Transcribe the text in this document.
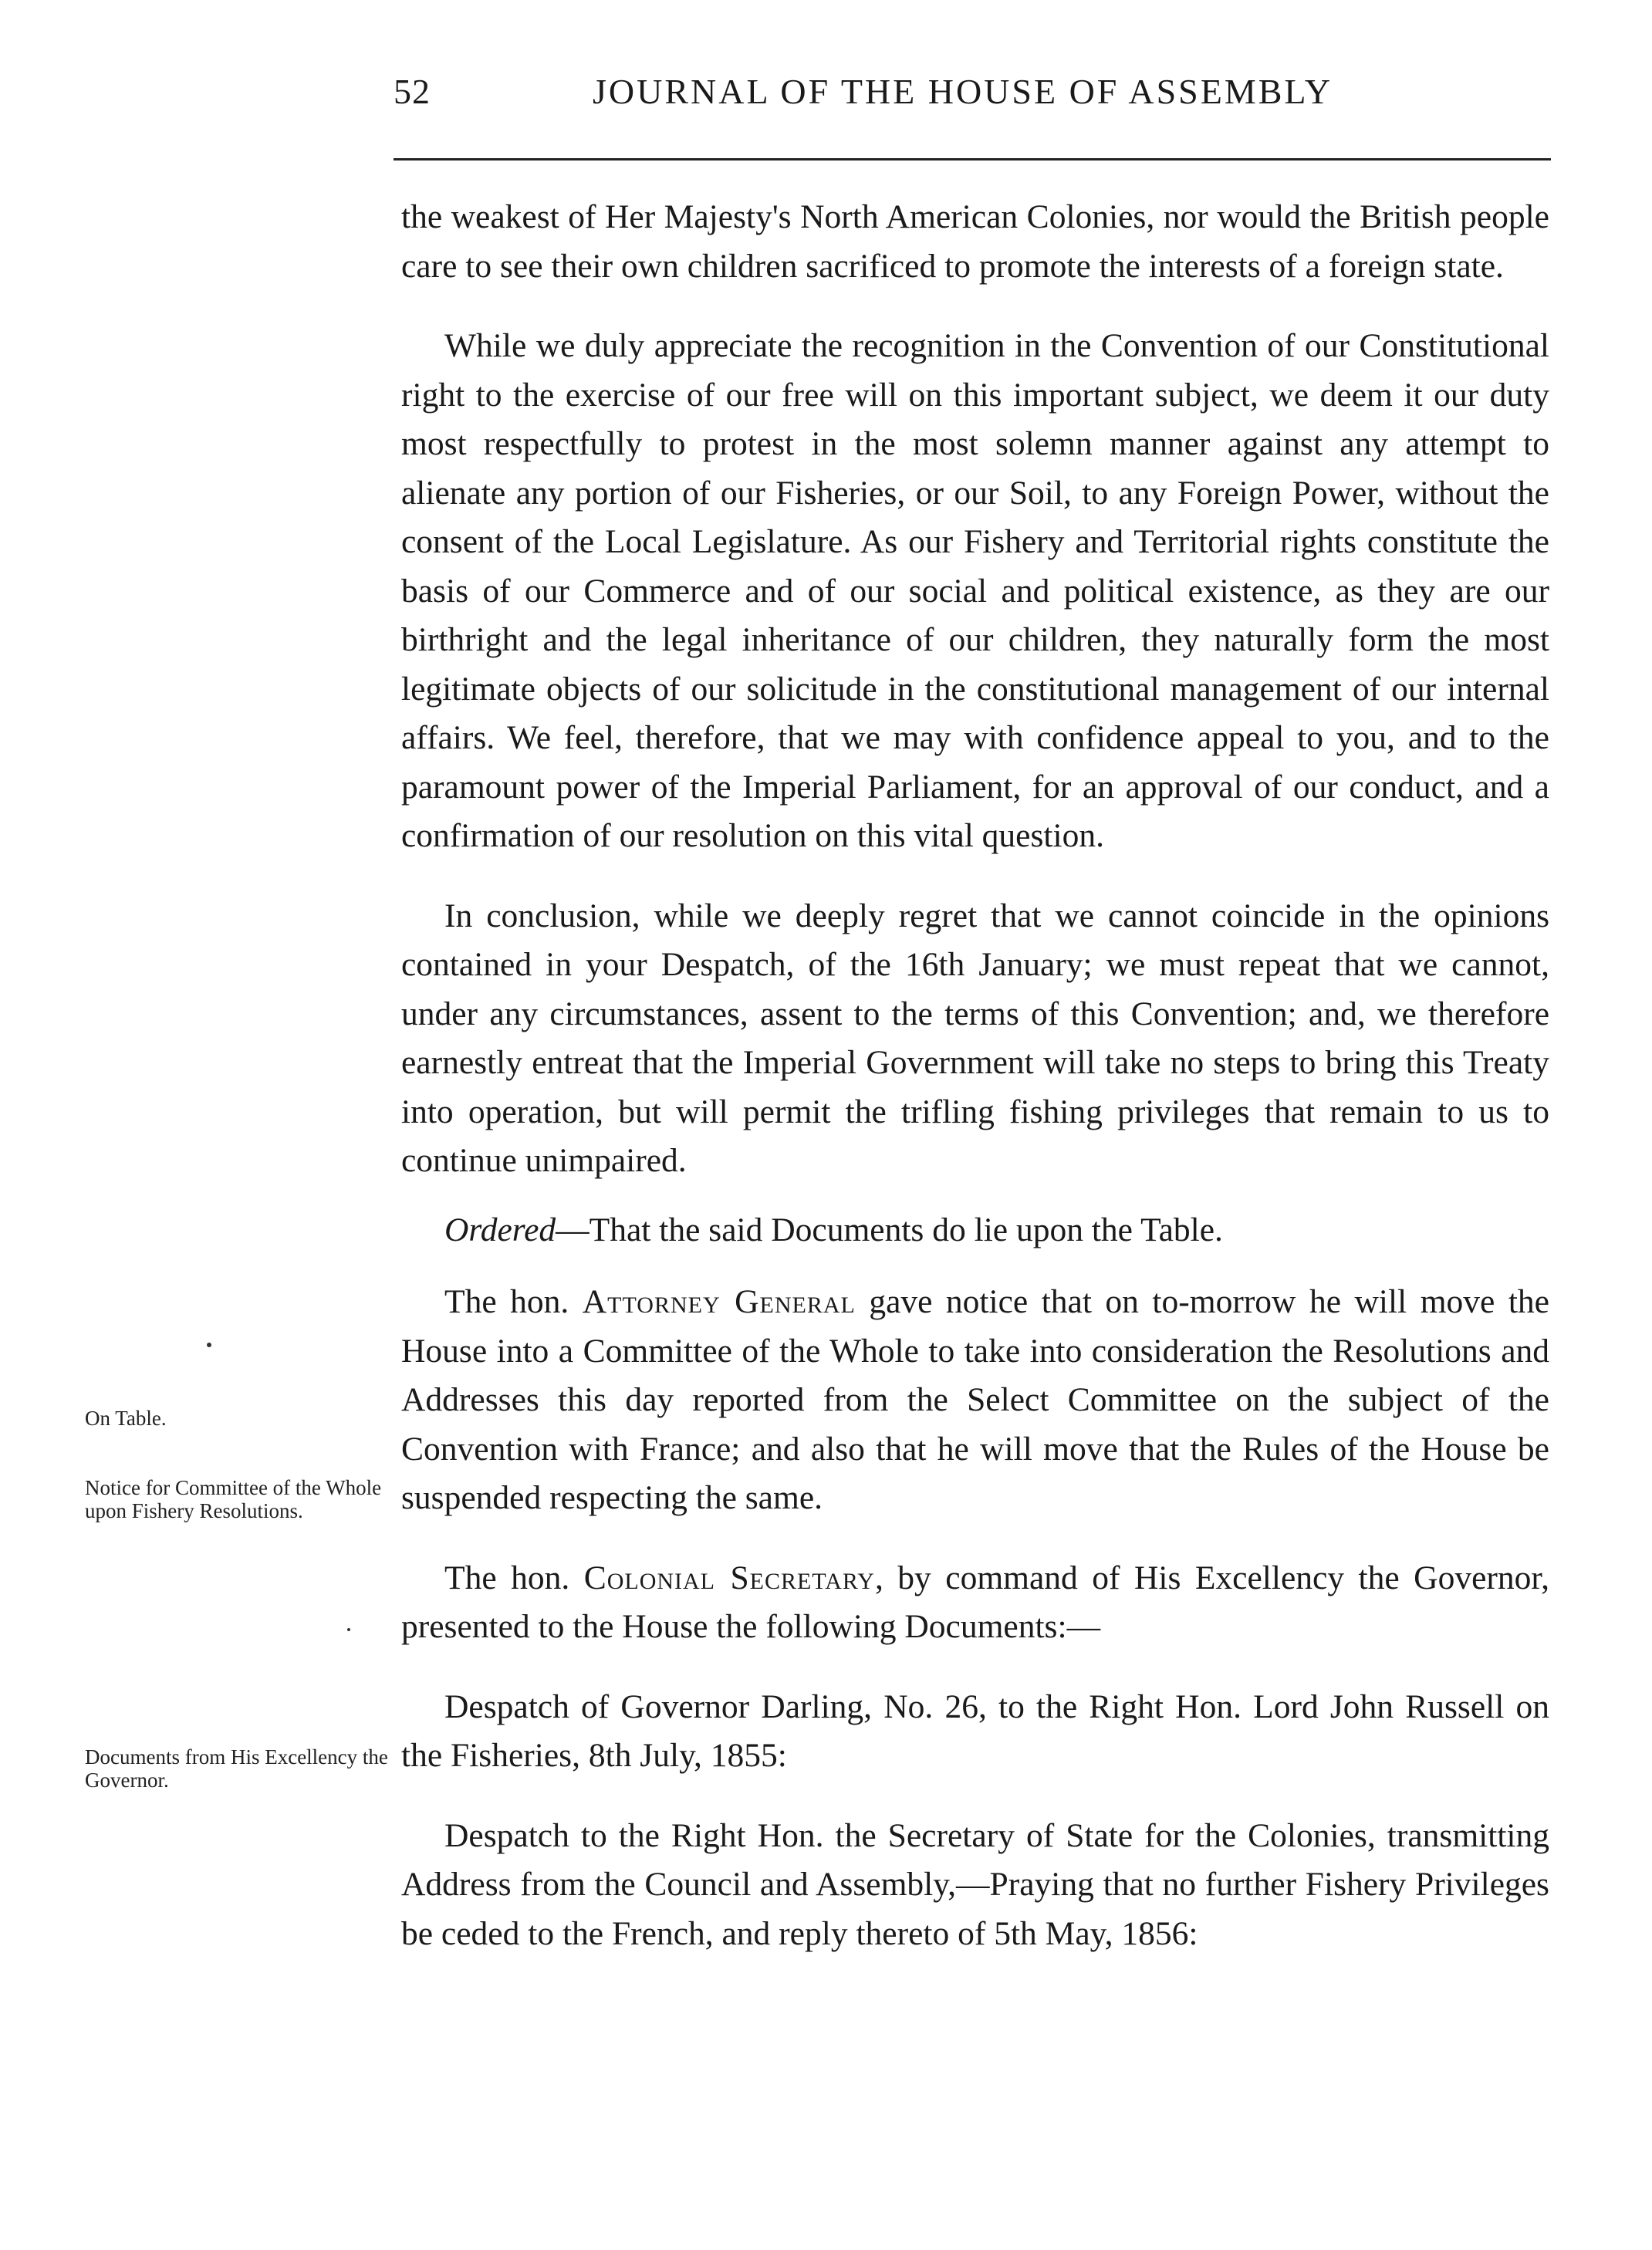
52	JOURNAL OF THE HOUSE OF ASSEMBLY

the weakest of Her Majesty's North American Colonies, nor would the British people care to see their own children sacrificed to promote the interests of a foreign state.

While we duly appreciate the recognition in the Convention of our Constitutional right to the exercise of our free will on this important subject, we deem it our duty most respectfully to protest in the most solemn manner against any attempt to alienate any portion of our Fisheries, or our Soil, to any Foreign Power, without the consent of the Local Legislature. As our Fishery and Territorial rights constitute the basis of our Commerce and of our social and political existence, as they are our birthright and the legal inheritance of our children, they naturally form the most legitimate objects of our solicitude in the constitutional management of our internal affairs. We feel, therefore, that we may with confidence appeal to you, and to the paramount power of the Imperial Parliament, for an approval of our conduct, and a confirmation of our resolution on this vital question.

In conclusion, while we deeply regret that we cannot coincide in the opinions contained in your Despatch, of the 16th January; we must repeat that we cannot, under any circumstances, assent to the terms of this Convention; and, we therefore earnestly entreat that the Imperial Government will take no steps to bring this Treaty into operation, but will permit the trifling fishing privileges that remain to us to continue unimpaired.

Ordered—That the said Documents do lie upon the Table.

The hon. Attorney General gave notice that on to-morrow he will move the House into a Committee of the Whole to take into consideration the Resolutions and Addresses this day reported from the Select Committee on the subject of the Convention with France; and also that he will move that the Rules of the House be suspended respecting the same.

The hon. Colonial Secretary, by command of His Excellency the Governor, presented to the House the following Documents:—

Despatch of Governor Darling, No. 26, to the Right Hon. Lord John Russell on the Fisheries, 8th July, 1855:

Despatch to the Right Hon. the Secretary of State for the Colonies, transmitting Address from the Council and Assembly,—Praying that no further Fishery Privileges be ceded to the French, and reply thereto of 5th May, 1856:

On Table.

Notice for Committee of the Whole upon Fishery Resolutions.

Documents from His Excellency the Governor.
